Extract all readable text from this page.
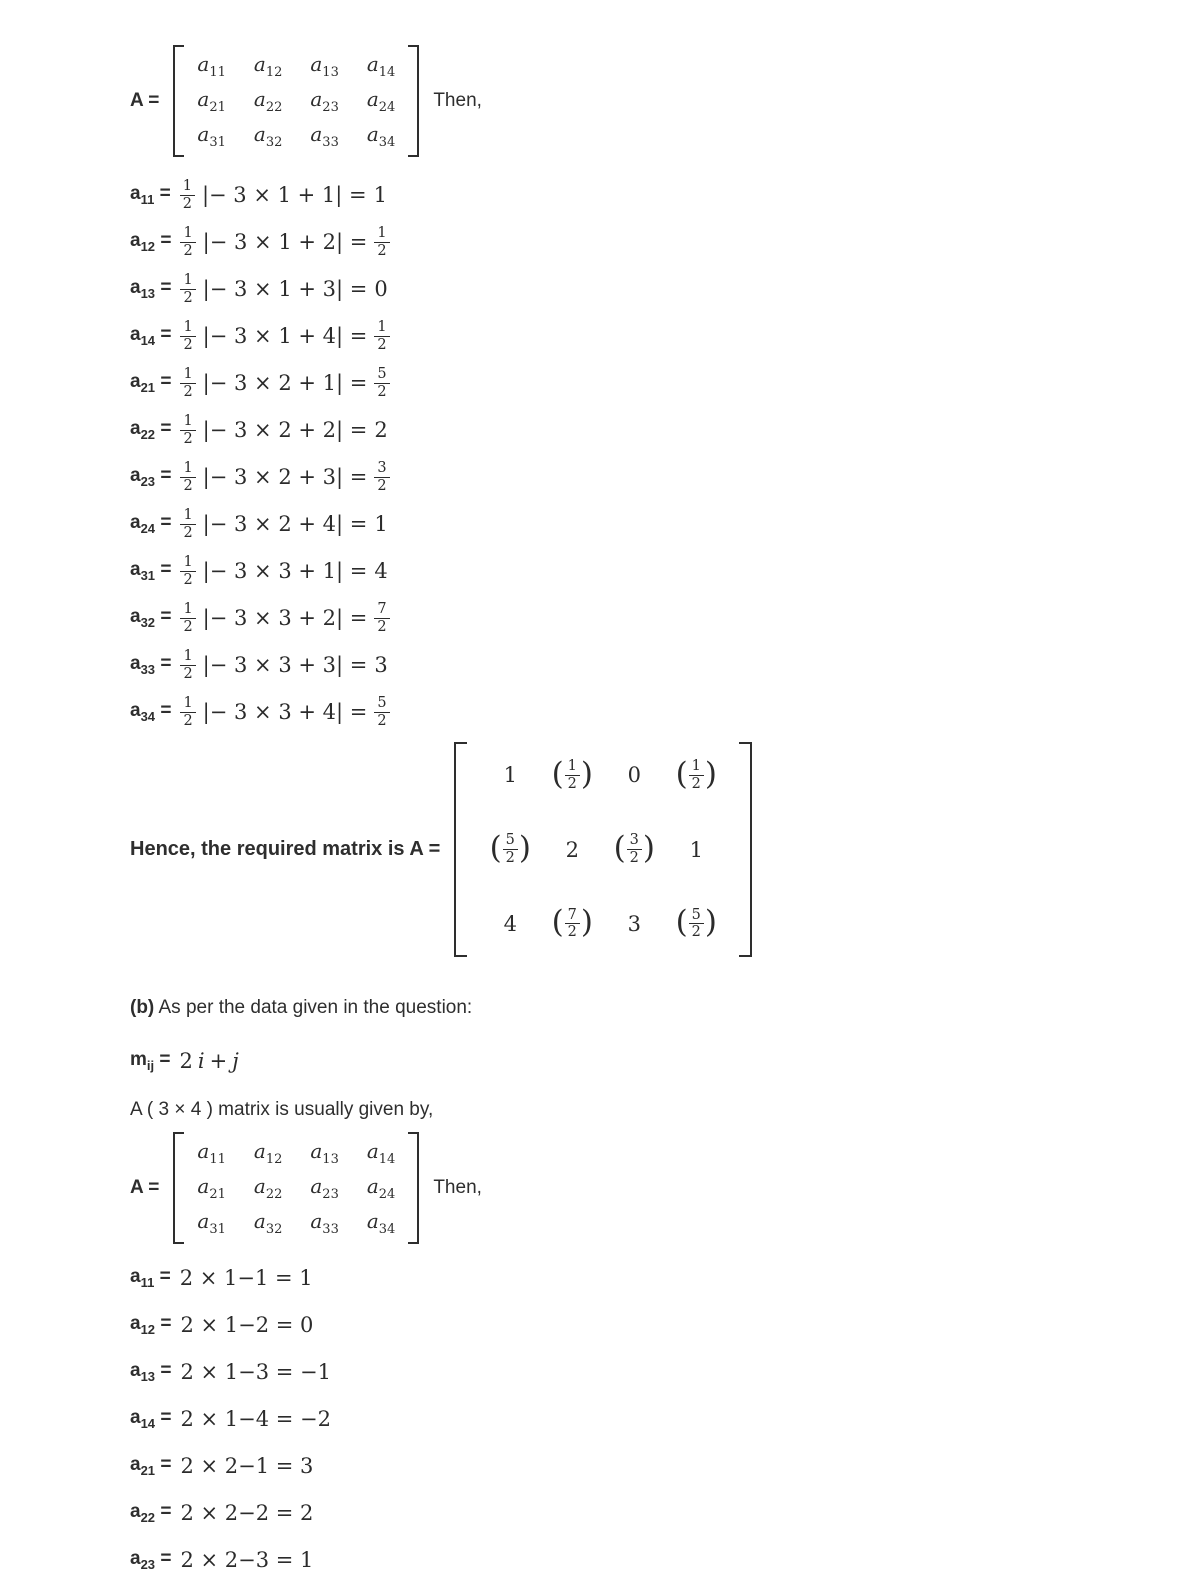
A =
$a_{11}$ $a_{12}$ $a_{13}$ $a_{14}$
$a_{21}$ $a_{22}$ $a_{23}$ $a_{24}$
$a_{31}$ $a_{32}$ $a_{33}$ $a_{34}$
Then,
$a_{11} = \frac{1}{2}$ |− 3 × 1 + 1| = 1
$a_{12} = \frac{1}{2}$ |− $3 \times 1 + 2| = \frac{1}{2}$
$a_{13} = \frac{1}{2}$ |− 3 × 1 + 3| = 0
$a_{14} = \frac{1}{2}$ |− $3 \times 1 + 4| = \frac{1}{2}$
$a_{21} = \frac{1}{2}$ |− $3 \times 2 + 1| = \frac{5}{2}$
$a_{22} = \frac{1}{2}$ |− 3 × 2 + 2| = 2
$a_{23} = \frac{1}{2}$ |− $3 \times 2 + 3| = \frac{3}{2}$
$a_{24} = \frac{1}{2}$ |− 3 × 2 + 4| = 1
$a_{31} = \frac{1}{2}$ |− 3 × 3 + 1| = 4
$a_{32} = \frac{1}{2}$ |− $3 \times 3 + 2| = \frac{7}{2}$
$a_{33} = \frac{1}{2}$ |− 3 × 3 + 3| = 3
$a_{34} = \frac{1}{2}$ |− $3 \times 3 + 4| = \frac{5}{2}$
Hence, the required matrix is A =
1 ( $\frac{1}{2}$ ) 0 ( $\frac{1}{2}$ )
( $\frac{5}{2}$ ) 2 ( $\frac{3}{2}$ ) 1
4 ( $\frac{7}{2}$ ) 3 ( $\frac{5}{2}$ )
(b) As per the data given in the question:
$m_{ij} = 2$ i + j
A ( 3 × 4 ) matrix is usually given by,
A =
$a_{11}$ $a_{12}$ $a_{13}$ $a_{14}$
$a_{21}$ $a_{22}$ $a_{23}$ $a_{24}$
$a_{31}$ $a_{32}$ $a_{33}$ $a_{34}$
Then,
$a_{11} = 2 \times 1-1 = 1$
$a_{12} = 2 \times 1-2 = 0$
$a_{13} = 2 \times 1-3 = -1$
$a_{14} = 2 \times 1-4 = -2$
$a_{21} = 2 \times 2-1 = 3$
$a_{22} = 2 \times 2-2 = 2$
$a_{23} = 2 \times 2-3 = 1$
